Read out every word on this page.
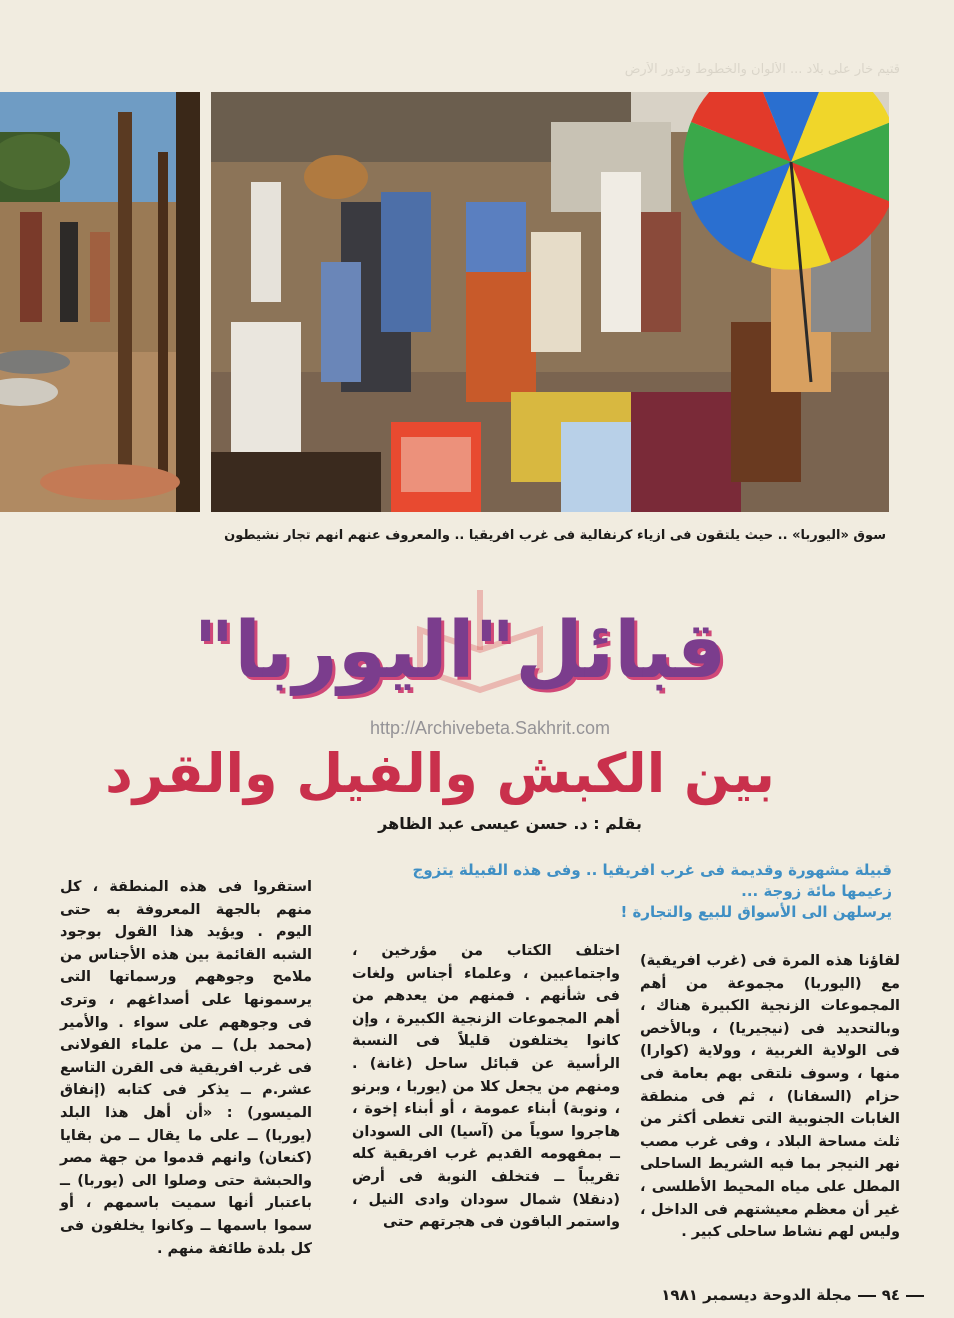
قتيم خار على بلاد ... الألوان والخطوط وتدور الأرض
سوق «اليوربا» .. حيث يلتقون فى ازياء كرنفالية فى غرب افريقيا .. والمعروف عنهم انهم تجار نشيطون
قبائل"اليوربا"
http://Archivebeta.Sakhrit.com
بين الكبش والفيل والقرد
بقلم : د. حسن عيسى عبد الظاهر
قبيلة مشهورة وقديمة فى غرب افريقيا .. وفى هذه القبيلة يتزوج زعيمها مائة زوجة ...
يرسلهن الى الأسواق للبيع والتجارة !
لقاؤنا هذه المرة فى (غرب افريقية) مع (اليوربا) مجموعة من أهم المجموعات الزنجية الكبيرة هناك ، وبالتحديد فى (نيجيريا) ، وبالأخص فى الولاية الغربية ، وولاية (كوارا) منها ، وسوف نلتقى بهم بعامة فى حزام (السفانا) ، ثم فى منطقة الغابات الجنوبية التى تغطى أكثر من ثلث مساحة البلاد ، وفى غرب مصب نهر النيجر بما فيه الشريط الساحلى المطل على مياه المحيط الأطلسى ، غير أن معظم معيشتهم فى الداخل ، وليس لهم نشاط ساحلى كبير .
اختلف الكتاب من مؤرخين ، واجتماعيين ، وعلماء أجناس ولغات فى شأنهم . فمنهم من يعدهم من أهم المجموعات الزنجية الكبيرة ، وإن كانوا يختلفون قليلاً فى النسبة الرأسية عن قبائل ساحل (غانة) . ومنهم من يجعل كلا من (يوربا ، وبرنو ، ونوبة) أبناء عمومة ، أو أبناء إخوة ، هاجروا سوياً من (آسيا) الى السودان ــ بمفهومه القديم غرب افريقية كله تقريباً ــ فتخلف النوبة فى أرض (دنقلا) شمال سودان وادى النيل ، واستمر الباقون فى هجرتهم حتى
استقروا فى هذه المنطقة ، كل منهم بالجهة المعروفة به حتى اليوم . ويؤيد هذا القول بوجود الشبه القائمة بين هذه الأجناس من ملامح وجوههم ورسماتها التى يرسمونها على أصداغهم ، وترى فى وجوههم على سواء . والأمير (محمد بل) ــ من علماء الفولانى فى غرب افريقية فى القرن التاسع عشر.م ــ يذكر فى كتابه (إنفاق الميسور) : «أن أهل هذا البلد (يوربا) ــ على ما يقال ــ من بقايا (كنعان) وانهم قدموا من جهة مصر والحبشة حتى وصلوا الى (يوربا) ــ باعتبار أنها سميت باسمهم ، أو سموا باسمها ــ وكانوا يخلفون فى كل بلدة طائفة منهم .
٩٤مجلة الدوحة ديسمبر ١٩٨١
